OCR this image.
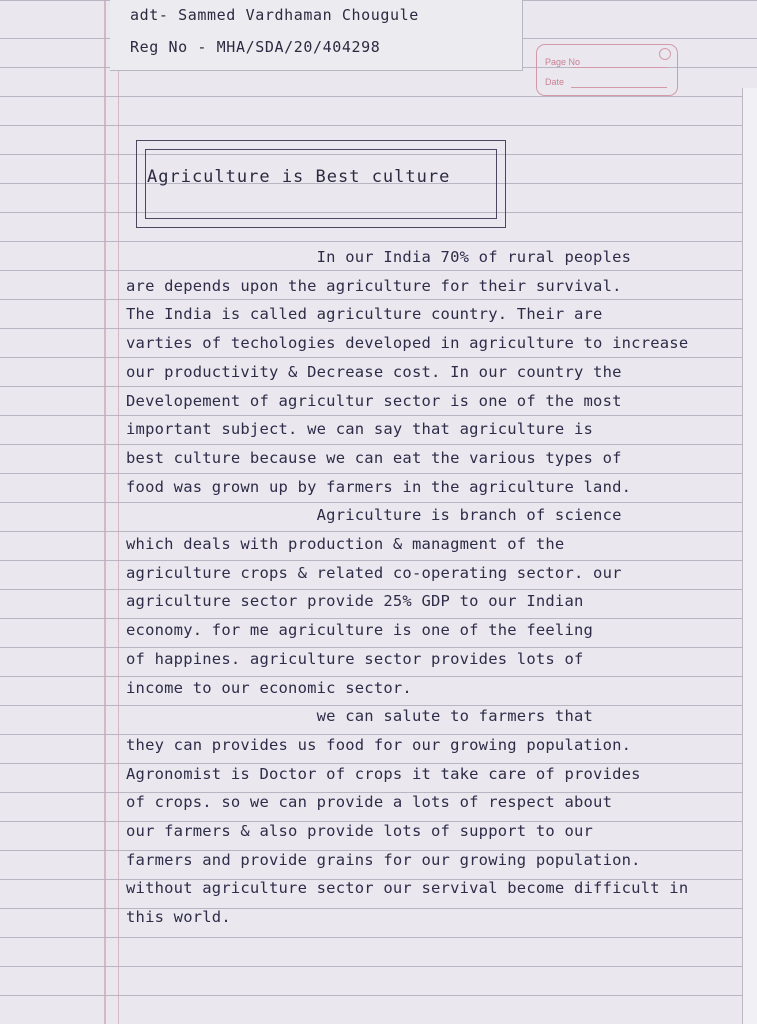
adt- Sammed Vardhaman Chougule
Reg No - MHA/SDA/20/404298
Page No
Date
Agriculture is Best culture
In our India 70% of rural peoples
are depends upon the agriculture for their survival.
The India is called agriculture country. Their are
varties of techologies developed in agriculture to increase
our productivity & Decrease cost. In our country the
Developement of agricultur sector is one of the most
important subject. we can say that agriculture is
best culture because we can eat the various types of
food was grown up by farmers in the agriculture land.
Agriculture is branch of science
which deals with production & managment of the
agriculture crops & related co-operating sector. our
agriculture sector provide 25% GDP to our Indian
economy. for me agriculture is one of the feeling
of happines. agriculture sector provides lots of
income to our economic sector.
we can salute to farmers that
they can provides us food for our growing population.
Agronomist is Doctor of crops it take care of provides
of crops. so we can provide a lots of respect about
our farmers & also provide lots of support to our
farmers and provide grains for our growing population.
without agriculture sector our servival become difficult in
this world.
